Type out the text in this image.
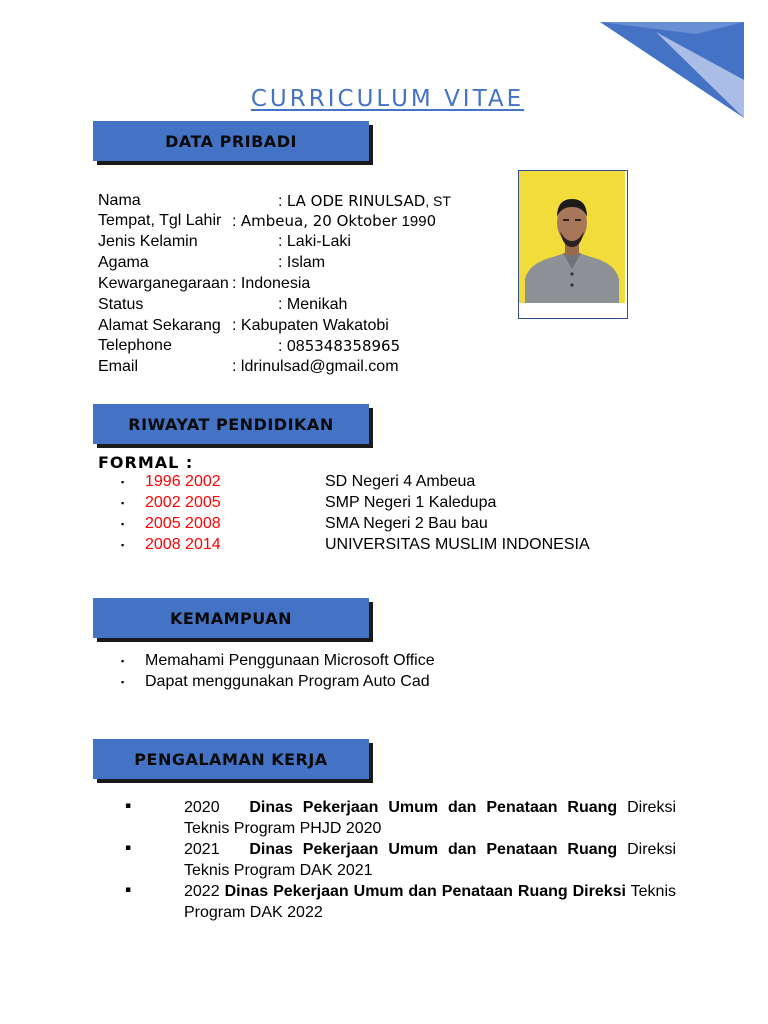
CURRICULUM VITAE
DATA PRIBADI
Nama	: LA ODE RINULSAD, ST
Tempat, Tgl Lahir : Ambeua, 20 Oktober 1990
Jenis Kelamin	: Laki-Laki
Agama	: Islam
Kewarganegaraan : Indonesia
Status	: Menikah
Alamat Sekarang : Kabupaten Wakatobi
Telephone	: 085348358965
Email	: ldrinulsad@gmail.com
RIWAYAT PENDIDIKAN
FORMAL :
▪ 1996 2002	SD Negeri 4 Ambeua
▪ 2002 2005	SMP Negeri 1 Kaledupa
▪ 2005 2008	SMA Negeri 2 Bau bau
▪ 2008 2014	UNIVERSITAS MUSLIM INDONESIA
KEMAMPUAN
▪ Memahami Penggunaan Microsoft Office
▪ Dapat menggunakan Program Auto Cad
PENGALAMAN KERJA
▪	2020 Dinas Pekerjaan Umum dan Penataan Ruang Direksi Teknis Program PHJD 2020
▪	2021 Dinas Pekerjaan Umum dan Penataan Ruang Direksi Teknis Program DAK 2021
▪	2022 Dinas Pekerjaan Umum dan Penataan Ruang Direksi Teknis Program DAK 2022
